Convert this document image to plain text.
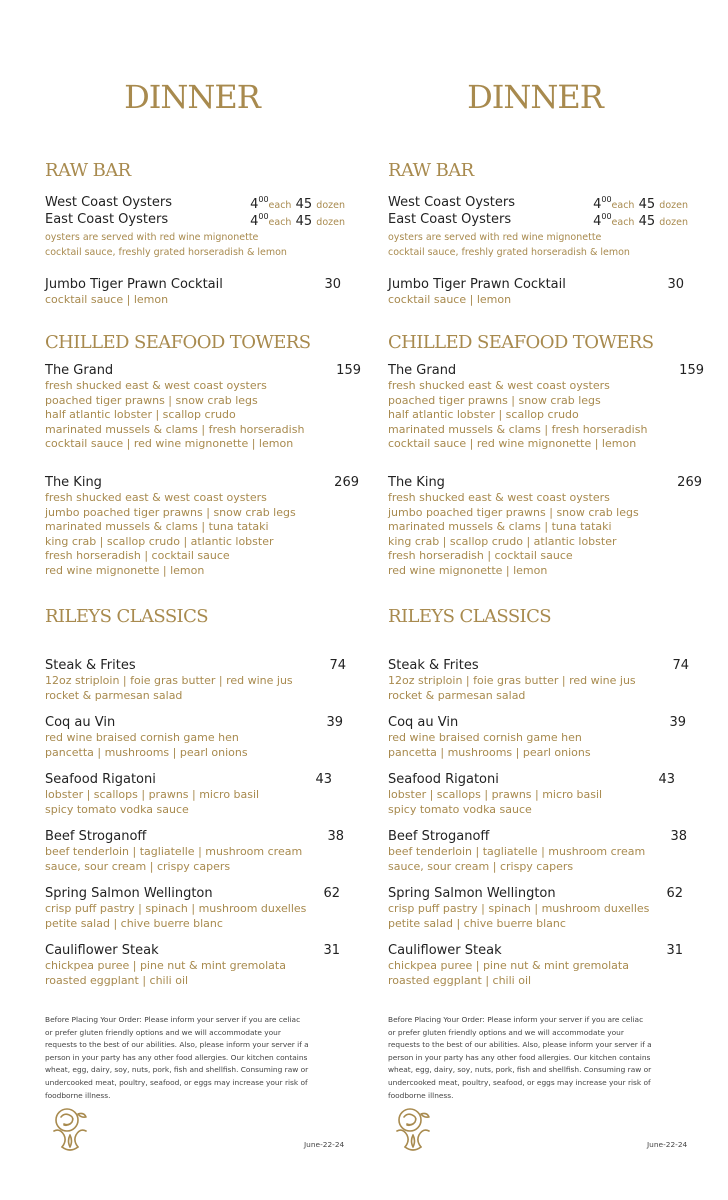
DINNER
RAW BAR
West Coast Oysters	$4^{00}each$ 45 dozen
East Coast Oysters	$4^{00}each$ 45 dozen
oysters are served with red wine mignonette
cocktail sauce, freshly grated horseradish & lemon
Jumbo Tiger Prawn Cocktail	30
cocktail sauce | lemon
CHILLED SEAFOOD TOWERS
The Grand	159
fresh shucked east & west coast oysters
poached tiger prawns | snow crab legs
half atlantic lobster | scallop crudo
marinated mussels & clams | fresh horseradish
cocktail sauce | red wine mignonette | lemon
The King	269
fresh shucked east & west coast oysters
jumbo poached tiger prawns | snow crab legs
marinated mussels & clams | tuna tataki
king crab | scallop crudo | atlantic lobster
fresh horseradish | cocktail sauce
red wine mignonette | lemon
RILEYS CLASSICS
Steak & Frites	74
12oz striploin | foie gras butter | red wine jus
rocket & parmesan salad
Coq au Vin	39
red wine braised cornish game hen
pancetta | mushrooms | pearl onions
Seafood Rigatoni	43
lobster | scallops | prawns | micro basil
spicy tomato vodka sauce
Beef Stroganoff	38
beef tenderloin | tagliatelle | mushroom cream
sauce, sour cream | crispy capers
Spring Salmon Wellington	62
crisp puff pastry | spinach | mushroom duxelles
petite salad | chive buerre blanc
Cauliflower Steak	31
chickpea puree | pine nut & mint gremolata
roasted eggplant | chili oil
Before Placing Your Order: Please inform your server if you are celiac
or prefer gluten friendly options and we will accommodate your
requests to the best of our abilities. Also, please inform your server if a
person in your party has any other food allergies. Our kitchen contains
wheat, egg, dairy, soy, nuts, pork, fish and shellfish. Consuming raw or
undercooked meat, poultry, seafood, or eggs may increase your risk of
foodborne illness.
June-22-24
DINNER
RAW BAR
West Coast Oysters	$4^{00}each$ 45 dozen
East Coast Oysters	$4^{00}each$ 45 dozen
oysters are served with red wine mignonette
cocktail sauce, freshly grated horseradish & lemon
Jumbo Tiger Prawn Cocktail	30
cocktail sauce | lemon
CHILLED SEAFOOD TOWERS
The Grand	159
fresh shucked east & west coast oysters
poached tiger prawns | snow crab legs
half atlantic lobster | scallop crudo
marinated mussels & clams | fresh horseradish
cocktail sauce | red wine mignonette | lemon
The King	269
fresh shucked east & west coast oysters
jumbo poached tiger prawns | snow crab legs
marinated mussels & clams | tuna tataki
king crab | scallop crudo | atlantic lobster
fresh horseradish | cocktail sauce
red wine mignonette | lemon
RILEYS CLASSICS
Steak & Frites	74
12oz striploin | foie gras butter | red wine jus
rocket & parmesan salad
Coq au Vin	39
red wine braised cornish game hen
pancetta | mushrooms | pearl onions
Seafood Rigatoni	43
lobster | scallops | prawns | micro basil
spicy tomato vodka sauce
Beef Stroganoff	38
beef tenderloin | tagliatelle | mushroom cream
sauce, sour cream | crispy capers
Spring Salmon Wellington	62
crisp puff pastry | spinach | mushroom duxelles
petite salad | chive buerre blanc
Cauliflower Steak	31
chickpea puree | pine nut & mint gremolata
roasted eggplant | chili oil
Before Placing Your Order: Please inform your server if you are celiac
or prefer gluten friendly options and we will accommodate your
requests to the best of our abilities. Also, please inform your server if a
person in your party has any other food allergies. Our kitchen contains
wheat, egg, dairy, soy, nuts, pork, fish and shellfish. Consuming raw or
undercooked meat, poultry, seafood, or eggs may increase your risk of
foodborne illness.
June-22-24
